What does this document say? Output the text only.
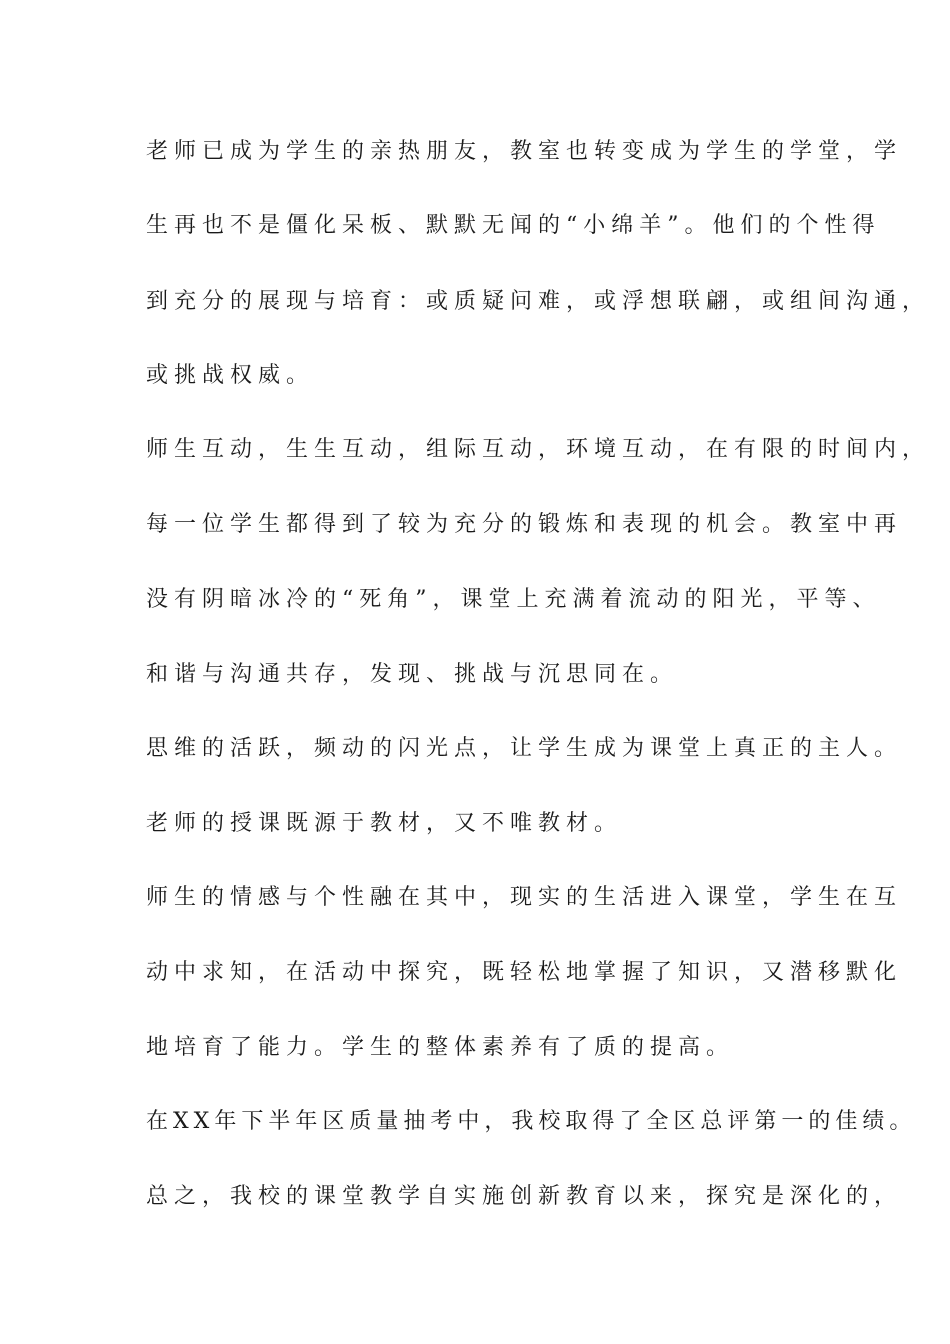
老师已成为学生的亲热朋友，教室也转变成为学生的学堂，学
生再也不是僵化呆板、默默无闻的“小绵羊”。他们的个性得
到充分的展现与培育：或质疑问难，或浮想联翩，或组间沟通，
或挑战权威。
师生互动，生生互动，组际互动，环境互动，在有限的时间内，
每一位学生都得到了较为充分的锻炼和表现的机会。教室中再
没有阴暗冰冷的“死角”，课堂上充满着流动的阳光，平等、
和谐与沟通共存，发现、挑战与沉思同在。
思维的活跃，频动的闪光点，让学生成为课堂上真正的主人。
老师的授课既源于教材，又不唯教材。
师生的情感与个性融在其中，现实的生活进入课堂，学生在互
动中求知，在活动中探究，既轻松地掌握了知识，又潜移默化
地培育了能力。学生的整体素养有了质的提高。
在XX年下半年区质量抽考中，我校取得了全区总评第一的佳绩。
总之，我校的课堂教学自实施创新教育以来，探究是深化的，
